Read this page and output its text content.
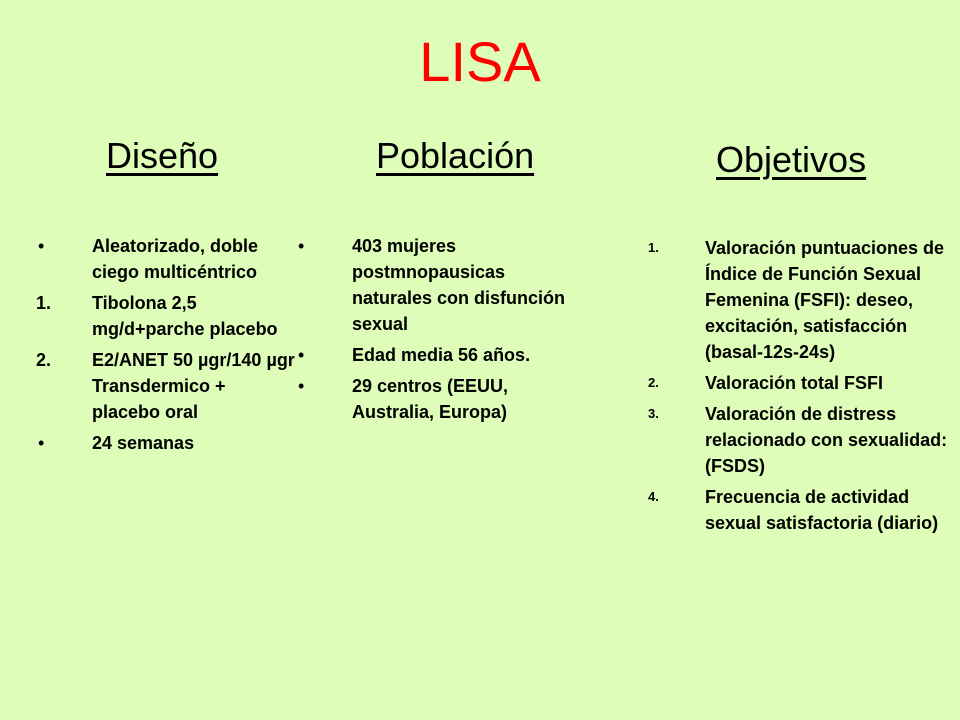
LISA
Diseño	Población	Objetivos
•	Aleatorizado, doble ciego multicéntrico
1.	Tibolona 2,5 mg/d+parche placebo
2.	E2/ANET 50 µgr/140 µgr Transdermico + placebo oral
•	24 semanas
•	403 mujeres postmnopausicas naturales con disfunción sexual
•	Edad media 56 años.
•	29 centros (EEUU, Australia, Europa)
1.	Valoración puntuaciones de Índice de Función Sexual Femenina (FSFI): deseo, excitación, satisfacción (basal-12s-24s)
2.	Valoración total FSFI
3.	Valoración de distress relacionado con sexualidad: (FSDS)
4.	Frecuencia de actividad sexual satisfactoria (diario)
